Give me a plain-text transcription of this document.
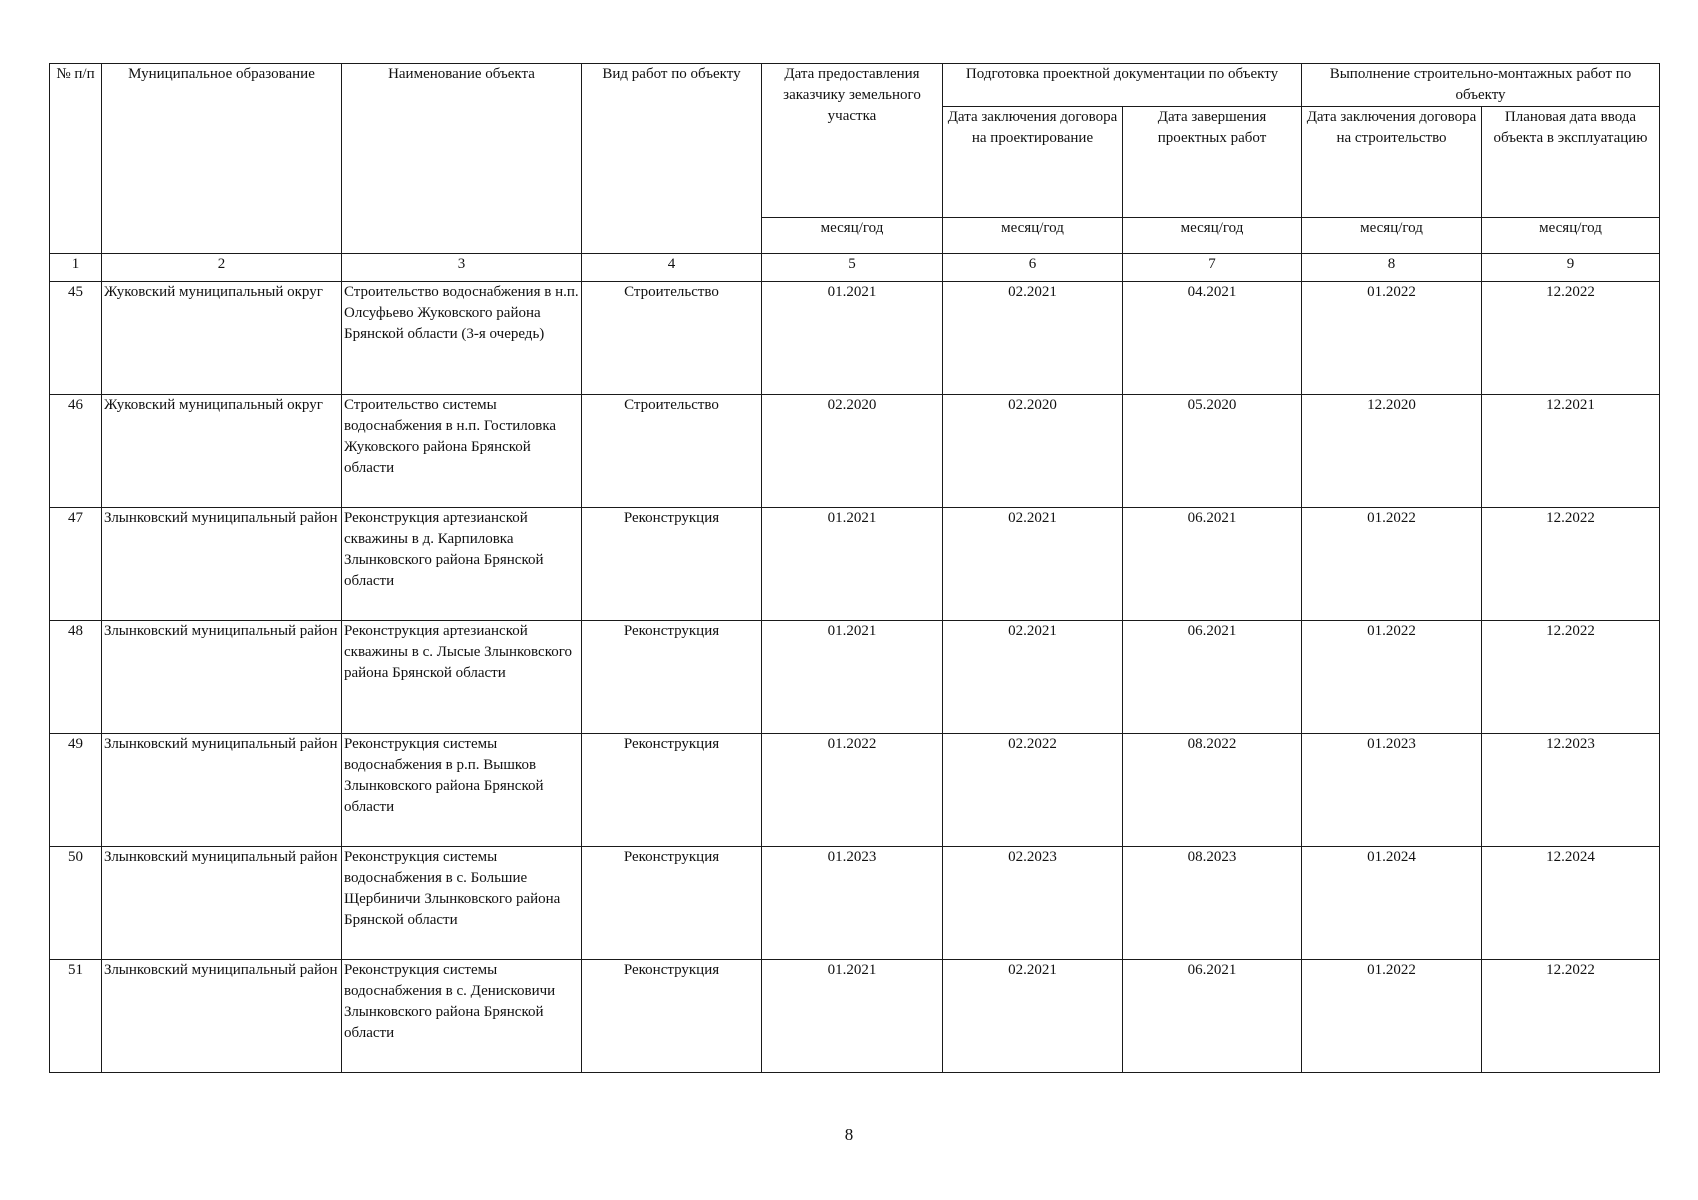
№ п/п	Муниципальное образование	Наименование объекта	Вид работ по объекту	Дата предоставления заказчику земельного участка	Подготовка проектной документации по объекту		Выполнение строительно-монтажных работ по объекту	
					Дата заключения договора на проектирование	Дата завершения проектных работ	Дата заключения договора на строительство	Плановая дата ввода объекта в эксплуатацию
				месяц/год	месяц/год	месяц/год	месяц/год	месяц/год
1	2	3	4	5	6	7	8	9
45	Жуковский муниципальный округ	Строительство водоснабжения в н.п. Олсуфьево Жуковского района Брянской области (3-я очередь)	Строительство	01.2021	02.2021	04.2021	01.2022	12.2022
46	Жуковский муниципальный округ	Строительство системы водоснабжения в н.п. Гостиловка Жуковского района Брянской области	Строительство	02.2020	02.2020	05.2020	12.2020	12.2021
47	Злынковский муниципальный район	Реконструкция артезианской скважины в д. Карпиловка Злынковского района Брянской области	Реконструкция	01.2021	02.2021	06.2021	01.2022	12.2022
48	Злынковский муниципальный район	Реконструкция артезианской скважины в с. Лысые Злынковского района Брянской области	Реконструкция	01.2021	02.2021	06.2021	01.2022	12.2022
49	Злынковский муниципальный район	Реконструкция системы водоснабжения в р.п. Вышков Злынковского района Брянской области	Реконструкция	01.2022	02.2022	08.2022	01.2023	12.2023
50	Злынковский муниципальный район	Реконструкция системы водоснабжения в с. Большие Щербиничи Злынковского района Брянской области	Реконструкция	01.2023	02.2023	08.2023	01.2024	12.2024
51	Злынковский муниципальный район	Реконструкция системы водоснабжения в с. Денисковичи Злынковского района Брянской области	Реконструкция	01.2021	02.2021	06.2021	01.2022	12.2022
8
